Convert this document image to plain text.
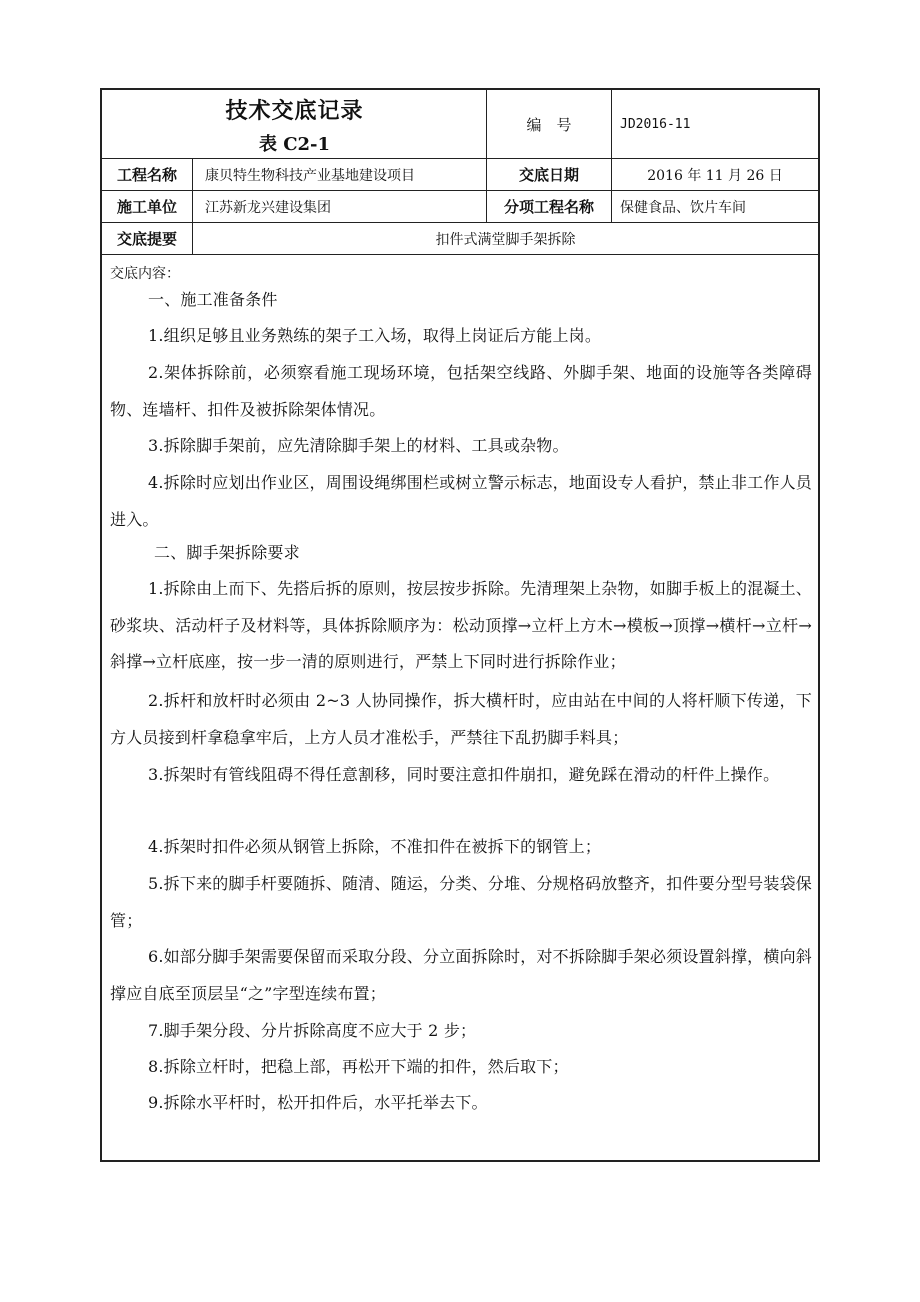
技术交底记录
表 C2-1
编　号	JD2016-11
工程名称	康贝特生物科技产业基地建设项目	交底日期	2016 年 11 月 26 日
施工单位	江苏新龙兴建设集团	分项工程名称	保健食品、饮片车间
交底提要	扣件式满堂脚手架拆除
交底内容：
一、施工准备条件
1.组织足够且业务熟练的架子工入场，取得上岗证后方能上岗。
2.架体拆除前，必须察看施工现场环境，包括架空线路、外脚手架、地面的设施等各类障碍物、连墙杆、扣件及被拆除架体情况。
3.拆除脚手架前，应先清除脚手架上的材料、工具或杂物。
4.拆除时应划出作业区，周围设绳绑围栏或树立警示标志，地面设专人看护，禁止非工作人员进入。
二、脚手架拆除要求
1.拆除由上而下、先搭后拆的原则，按层按步拆除。先清理架上杂物，如脚手板上的混凝土、砂浆块、活动杆子及材料等，具体拆除顺序为：松动顶撑→立杆上方木→模板→顶撑→横杆→立杆→斜撑→立杆底座，按一步一清的原则进行，严禁上下同时进行拆除作业；
2.拆杆和放杆时必须由 2~3 人协同操作，拆大横杆时，应由站在中间的人将杆顺下传递，下方人员接到杆拿稳拿牢后，上方人员才准松手，严禁往下乱扔脚手料具；
3.拆架时有管线阻碍不得任意割移，同时要注意扣件崩扣，避免踩在滑动的杆件上操作。
4.拆架时扣件必须从钢管上拆除，不准扣件在被拆下的钢管上；
5.拆下来的脚手杆要随拆、随清、随运，分类、分堆、分规格码放整齐，扣件要分型号装袋保管；
6.如部分脚手架需要保留而采取分段、分立面拆除时，对不拆除脚手架必须设置斜撑，横向斜撑应自底至顶层呈“之”字型连续布置；
7.脚手架分段、分片拆除高度不应大于 2 步；
8.拆除立杆时，把稳上部，再松开下端的扣件，然后取下；
9.拆除水平杆时，松开扣件后，水平托举去下。
